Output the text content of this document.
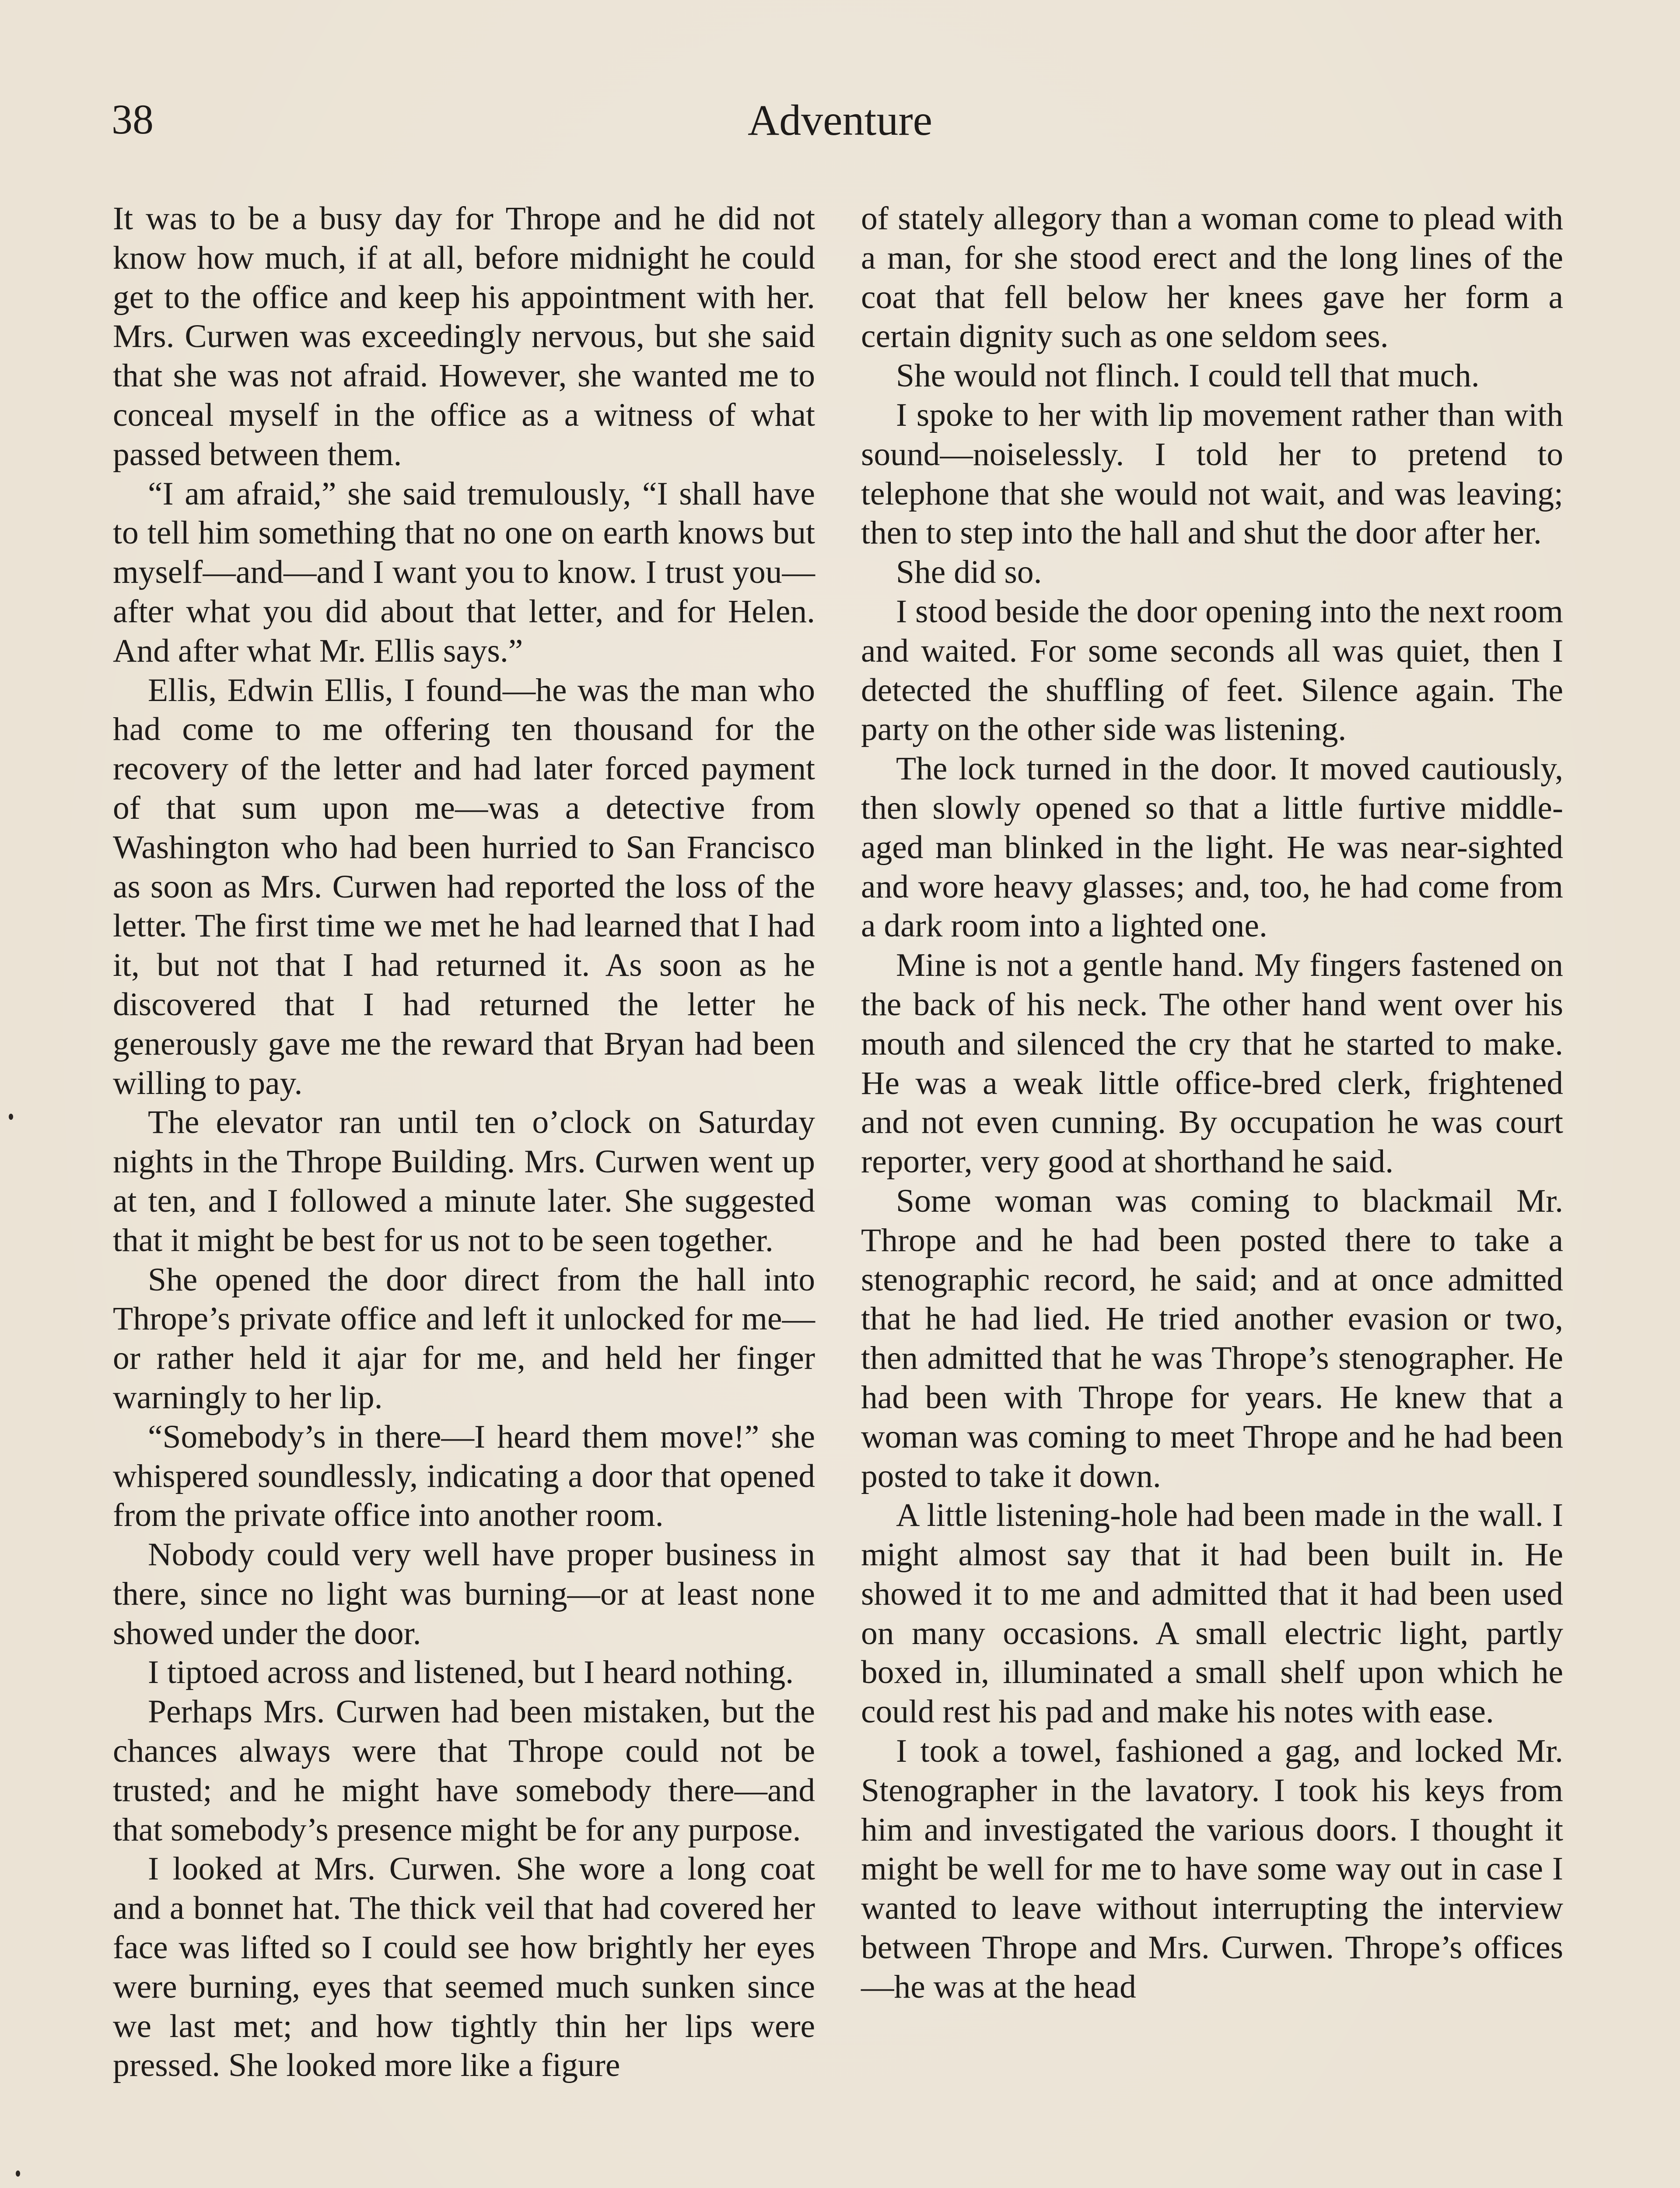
38	Adventure

It was to be a busy day for Thrope and he did not know how much, if at all, before midnight he could get to the office and keep his appointment with her. Mrs. Curwen was exceedingly nervous, but she said that she was not afraid. However, she wanted me to conceal myself in the office as a witness of what passed between them.

“I am afraid,” she said tremulously, “I shall have to tell him something that no one on earth knows but myself—and—and I want you to know. I trust you—after what you did about that letter, and for Helen. And after what Mr. Ellis says.”

Ellis, Edwin Ellis, I found—he was the man who had come to me offering ten thousand for the recovery of the letter and had later forced payment of that sum upon me—was a detective from Washington who had been hurried to San Francisco as soon as Mrs. Curwen had reported the loss of the letter. The first time we met he had learned that I had it, but not that I had returned it. As soon as he discovered that I had returned the letter he generously gave me the reward that Bryan had been willing to pay.

The elevator ran until ten o’clock on Saturday nights in the Thrope Building. Mrs. Curwen went up at ten, and I followed a minute later. She suggested that it might be best for us not to be seen together.

She opened the door direct from the hall into Thrope’s private office and left it unlocked for me—or rather held it ajar for me, and held her finger warningly to her lip.

“Somebody’s in there—I heard them move!” she whispered soundlessly, indicating a door that opened from the private office into another room.

Nobody could very well have proper business in there, since no light was burning—or at least none showed under the door.

I tiptoed across and listened, but I heard nothing.

Perhaps Mrs. Curwen had been mistaken, but the chances always were that Thrope could not be trusted; and he might have somebody there—and that somebody’s presence might be for any purpose.

I looked at Mrs. Curwen. She wore a long coat and a bonnet hat. The thick veil that had covered her face was lifted so I could see how brightly her eyes were burning, eyes that seemed much sunken since we last met; and how tightly thin her lips were pressed. She looked more like a figure

of stately allegory than a woman come to plead with a man, for she stood erect and the long lines of the coat that fell below her knees gave her form a certain dignity such as one seldom sees.

She would not flinch. I could tell that much.

I spoke to her with lip movement rather than with sound—noiselessly. I told her to pretend to telephone that she would not wait, and was leaving; then to step into the hall and shut the door after her.

She did so.

I stood beside the door opening into the next room and waited. For some seconds all was quiet, then I detected the shuffling of feet. Silence again. The party on the other side was listening.

The lock turned in the door. It moved cautiously, then slowly opened so that a little furtive middle-aged man blinked in the light. He was near-sighted and wore heavy glasses; and, too, he had come from a dark room into a lighted one.

Mine is not a gentle hand. My fingers fastened on the back of his neck. The other hand went over his mouth and silenced the cry that he started to make. He was a weak little office-bred clerk, frightened and not even cunning. By occupation he was court reporter, very good at shorthand he said.

Some woman was coming to blackmail Mr. Thrope and he had been posted there to take a stenographic record, he said; and at once admitted that he had lied. He tried another evasion or two, then admitted that he was Thrope’s stenographer. He had been with Thrope for years. He knew that a woman was coming to meet Thrope and he had been posted to take it down.

A little listening-hole had been made in the wall. I might almost say that it had been built in. He showed it to me and admitted that it had been used on many occasions. A small electric light, partly boxed in, illuminated a small shelf upon which he could rest his pad and make his notes with ease.

I took a towel, fashioned a gag, and locked Mr. Stenographer in the lavatory. I took his keys from him and investigated the various doors. I thought it might be well for me to have some way out in case I wanted to leave without interrupting the interview between Thrope and Mrs. Curwen. Thrope’s offices—he was at the head
